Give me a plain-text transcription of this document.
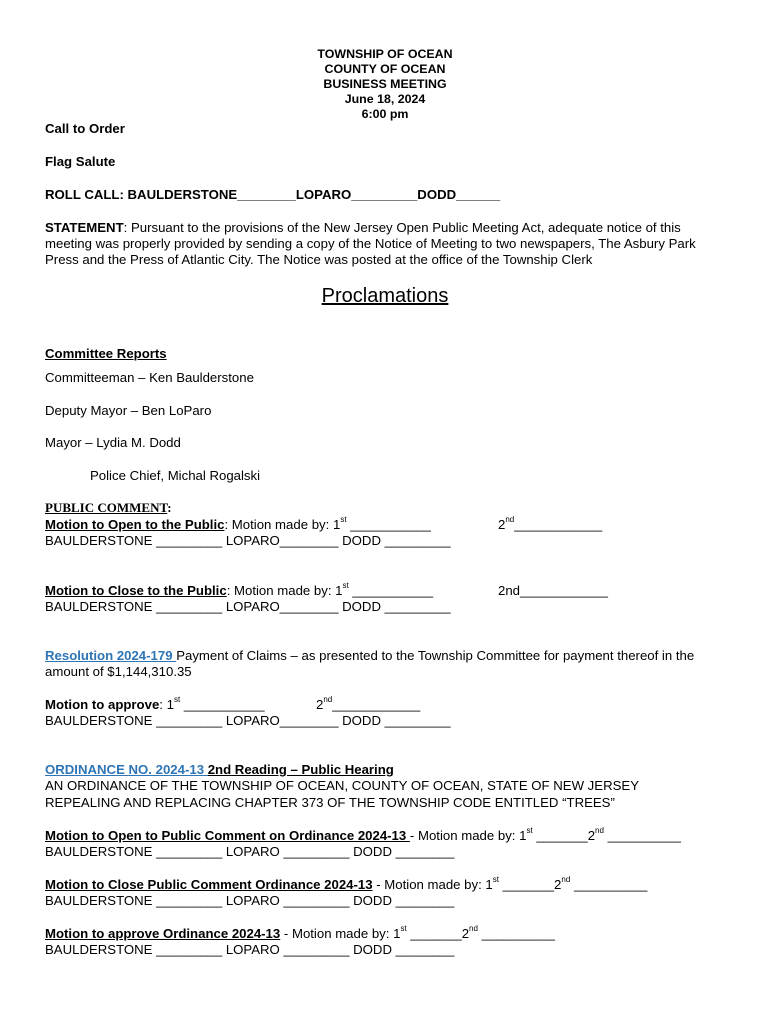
TOWNSHIP OF OCEAN
COUNTY OF OCEAN
BUSINESS MEETING
June 18, 2024
6:00 pm
Call to Order
Flag Salute
ROLL CALL: BAULDERSTONE________LOPARO_________DODD______
STATEMENT: Pursuant to the provisions of the New Jersey Open Public Meeting Act, adequate notice of this meeting was properly provided by sending a copy of the Notice of Meeting to two newspapers, The Asbury Park Press and the Press of Atlantic City. The Notice was posted at the office of the Township Clerk
Proclamations
Committee Reports
Committeeman – Ken Baulderstone
Deputy Mayor – Ben LoParo
Mayor – Lydia M. Dodd
Police Chief, Michal Rogalski
PUBLIC COMMENT:
Motion to Open to the Public: Motion made by: 1st ___________	2nd____________
BAULDERSTONE _________ LOPARO________ DODD _________
Motion to Close to the Public: Motion made by: 1st ___________	2nd____________
BAULDERSTONE _________ LOPARO________ DODD _________
Resolution 2024-179 Payment of Claims – as presented to the Township Committee for payment thereof in the amount of $1,144,310.35
Motion to approve: 1st ___________	2nd____________
BAULDERSTONE _________ LOPARO________ DODD _________
ORDINANCE NO. 2024-13 2nd Reading – Public Hearing
AN ORDINANCE OF THE TOWNSHIP OF OCEAN, COUNTY OF OCEAN, STATE OF NEW JERSEY
REPEALING AND REPLACING CHAPTER 373 OF THE TOWNSHIP CODE ENTITLED “TREES”
Motion to Open to Public Comment on Ordinance 2024-13 - Motion made by: 1st _______2nd __________
BAULDERSTONE _________ LOPARO _________ DODD ________
Motion to Close Public Comment Ordinance 2024-13 - Motion made by: 1st _______2nd __________
BAULDERSTONE _________ LOPARO _________ DODD ________
Motion to approve Ordinance 2024-13 - Motion made by: 1st _______2nd __________
BAULDERSTONE _________ LOPARO _________ DODD ________
